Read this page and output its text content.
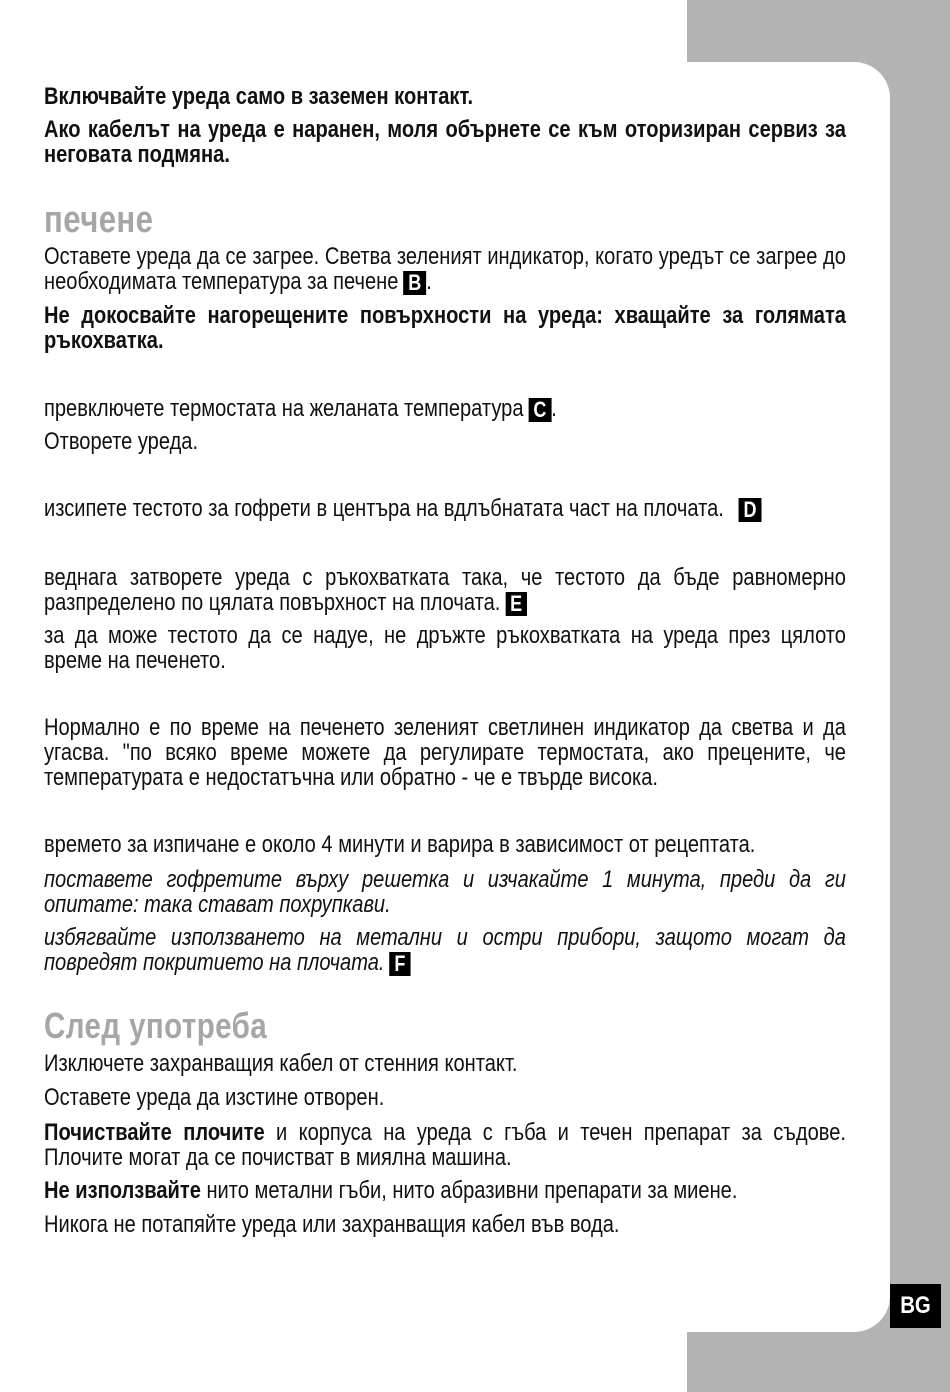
BG

Включвайте уреда само в заземен контакт.

Ако кабелът на уреда е наранен, моля обърнете се към оторизиран сервиз за неговата подмяна.

печене

Оставете уреда да се загрее. Светва зеленият индикатор, когато уредът се загрее до необходимата температура за печене B .

Не докосвайте нагорещените повърхности на уреда: хващайте за голямата ръкохватка.

превключете термостата на желаната температура C .

Отворете уреда.

изсипете тестото за гофрети в центъра на вдлъбнатата част на плочата. D

веднага затворете уреда с ръкохватката така, че тестото да бъде равномерно разпределено по цялата повърхност на плочата. E

за да може тестото да се надуе, не дръжте ръкохватката на уреда през цялото време на печенето.

Нормално е по време на печенето зеленият светлинен индикатор да светва и да угасва. "по всяко време можете да регулирате термостата, ако прецените, че температурата е недостатъчна или обратно - че е твърде висока.

времето за изпичане е около 4 минути и варира в зависимост от рецептата.

поставете гофретите върху решетка и изчакайте 1 минута, преди да ги опитате: така стават похрупкави.

избягвайте използването на метални и остри прибори, защото могат да повредят покритието на плочата. F

След употреба

Изключете захранващия кабел от стенния контакт.

Оставете уреда да изстине отворен.

Почиствайте плочите и корпуса на уреда с гъба и течен препарат за съдове. Плочите могат да се почистват в миялна машина.

Не използвайте нито метални гъби, нито абразивни препарати за миене.

Никога не потапяйте уреда или захранващия кабел във вода.
